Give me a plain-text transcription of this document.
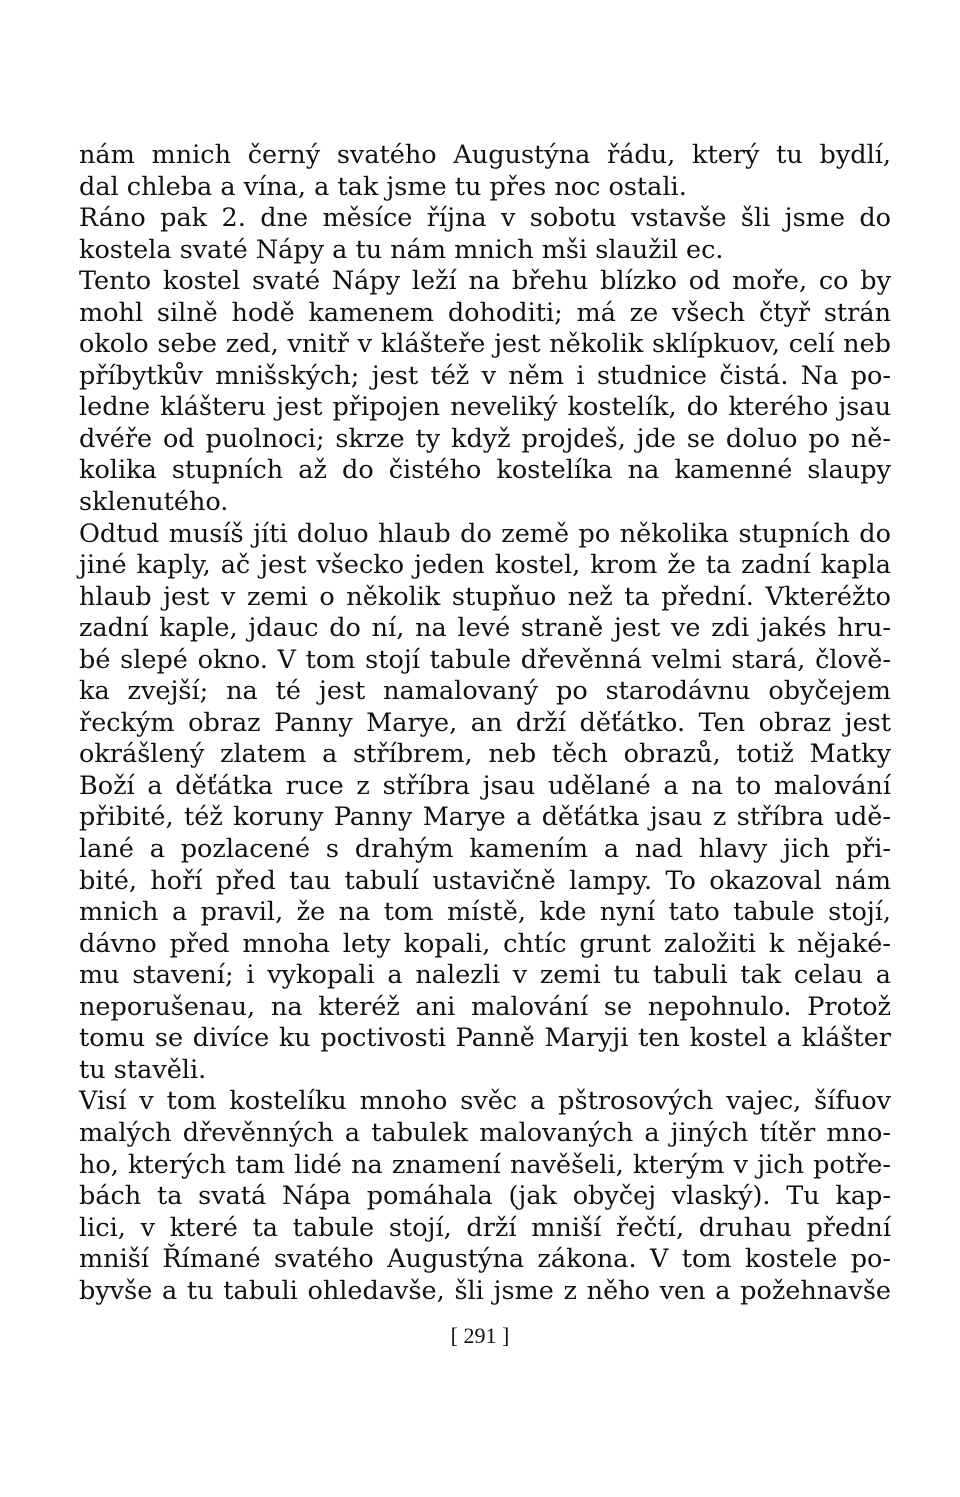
nám mnich černý svatého Augustýna řádu, který tu bydlí,
dal chleba a vína, a tak jsme tu přes noc ostali.
Ráno pak 2. dne měsíce října v sobotu vstavše šli jsme do
kostela svaté Nápy a tu nám mnich mši slaužil ec.
Tento kostel svaté Nápy leží na břehu blízko od moře, co by
mohl silně hodě kamenem dohoditi; má ze všech čtyř strán
okolo sebe zed, vnitř v klášteře jest několik sklípkuov, celí neb
příbytkův mnišských; jest též v něm i studnice čistá. Na po-
ledne klášteru jest připojen neveliký kostelík, do kterého jsau
dvéře od puolnoci; skrze ty když projdeš, jde se doluo po ně-
kolika stupních až do čistého kostelíka na kamenné slaupy
sklenutého.
Odtud musíš jíti doluo hlaub do země po několika stupních do
jiné kaply, ač jest všecko jeden kostel, krom že ta zadní kapla
hlaub jest v zemi o několik stupňuo než ta přední. Vkteréžto
zadní kaple, jdauc do ní, na levé straně jest ve zdi jakés hru-
bé slepé okno. V tom stojí tabule dřevěnná velmi stará, člově-
ka zvejší; na té jest namalovaný po starodávnu obyčejem
řeckým obraz Panny Marye, an drží děťátko. Ten obraz jest
okrášlený zlatem a stříbrem, neb těch obrazů, totiž Matky
Boží a děťátka ruce z stříbra jsau udělané a na to malování
přibité, též koruny Panny Marye a děťátka jsau z stříbra udě-
lané a pozlacené s drahým kamením a nad hlavy jich při-
bité, hoří před tau tabulí ustavičně lampy. To okazoval nám
mnich a pravil, že na tom místě, kde nyní tato tabule stojí,
dávno před mnoha lety kopali, chtíc grunt založiti k nějaké-
mu stavení; i vykopali a nalezli v zemi tu tabuli tak celau a
neporušenau, na kteréž ani malování se nepohnulo. Protož
tomu se divíce ku poctivosti Panně Maryji ten kostel a klášter
tu stavěli.
Visí v tom kostelíku mnoho svěc a pštrosových vajec, šífuov
malých dřevěnných a tabulek malovaných a jiných títěr mno-
ho, kterých tam lidé na znamení navěšeli, kterým v jich potře-
bách ta svatá Nápa pomáhala (jak obyčej vlaský). Tu kap-
lici, v které ta tabule stojí, drží mniší řečtí, druhau přední
mniší Římané svatého Augustýna zákona. V tom kostele po-
byvše a tu tabuli ohledavše, šli jsme z něho ven a požehnavše
[ 291 ]
